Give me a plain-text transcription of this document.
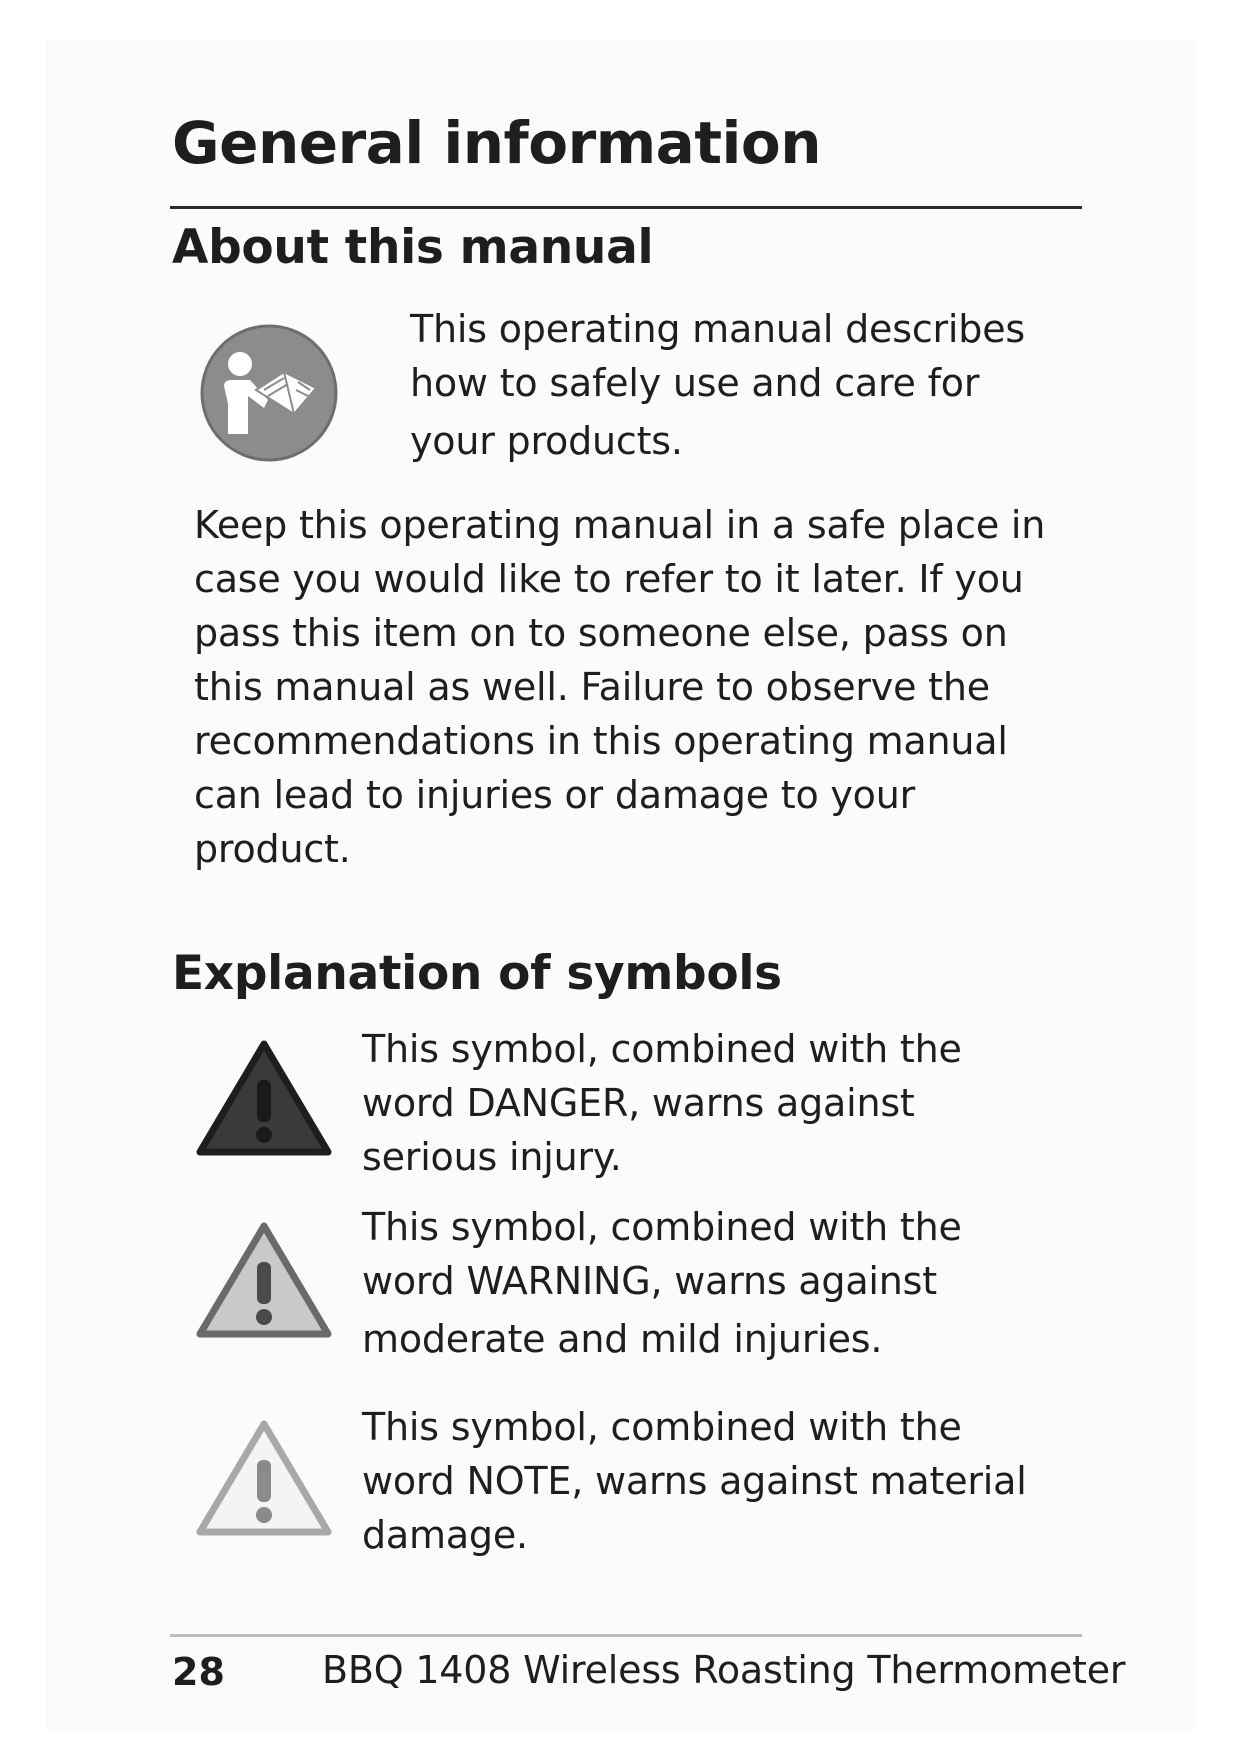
General information
About this manual
This operating manual describes
how to safely use and care for
your products.
Keep this operating manual in a safe place in
case you would like to refer to it later. If you
pass this item on to someone else, pass on
this manual as well. Failure to observe the
recommendations in this operating manual
can lead to injuries or damage to your
product.
Explanation of symbols
This symbol, combined with the
word DANGER, warns against
serious injury.
This symbol, combined with the
word WARNING, warns against
moderate and mild injuries.
This symbol, combined with the
word NOTE, warns against material
damage.
28	BBQ 1408 Wireless Roasting Thermometer
